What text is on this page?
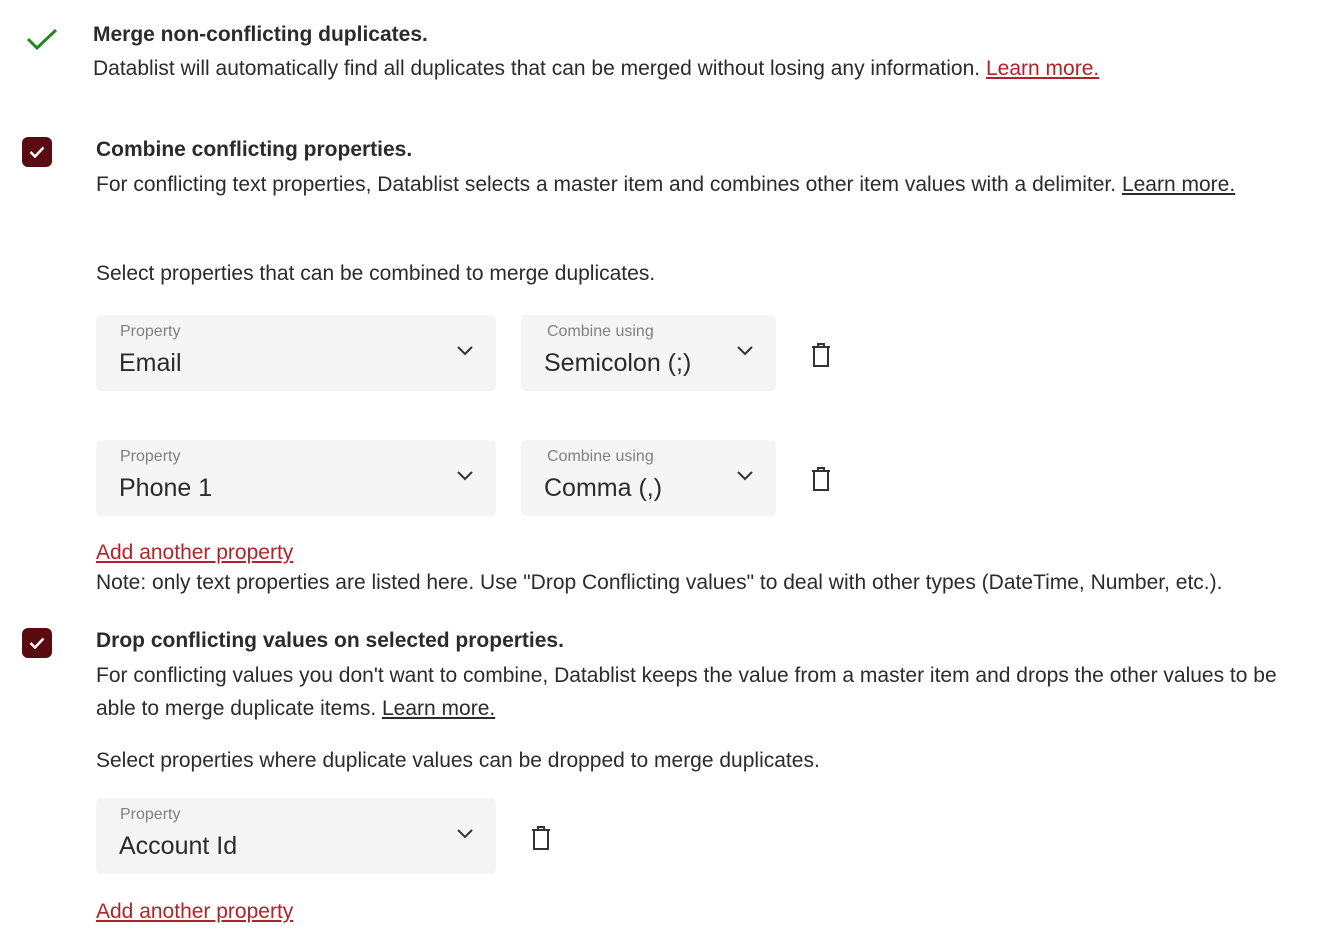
Merge non-conflicting duplicates.
Datablist will automatically find all duplicates that can be merged without losing any information. Learn more.
Combine conflicting properties.
For conflicting text properties, Datablist selects a master item and combines other item values with a delimiter. Learn more.
Select properties that can be combined to merge duplicates.
Property
Email
Combine using
Semicolon (;)
Property
Phone 1
Combine using
Comma (,)
Add another property
Note: only text properties are listed here. Use "Drop Conflicting values" to deal with other types (DateTime, Number, etc.).
Drop conflicting values on selected properties.
For conflicting values you don't want to combine, Datablist keeps the value from a master item and drops the other values to be able to merge duplicate items. Learn more.
Select properties where duplicate values can be dropped to merge duplicates.
Property
Account Id
Add another property
